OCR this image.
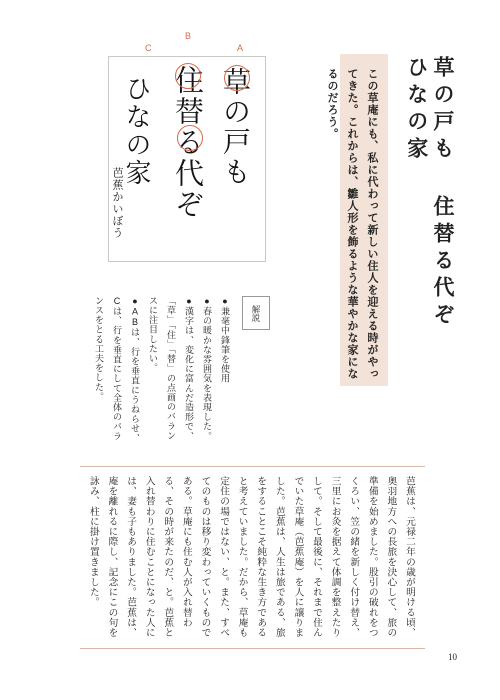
A
B
C
草の戸も
住替る代ぞ
ひなの家
芭蕉かいぼう	草の戸も 住替る代ぞ ひなの家
この草庵にも、私に代わって新しい住人を迎える時がやってきた。これからは、雛人形を飾るような華やかな家になるのだろう。
解説
●兼毫中鋒筆を使用
●春の暖かな雰囲気を表現した。
●漢字は、変化に富んだ造形で、「草」「住」「替」の点画のバランスに注目したい。
●ABは、行を垂直にうねらせ、Cは、行を垂直にして全体のバランスをとる工夫をした。
芭蕉は、元禄二年の歳が明ける頃、奥羽地方への長旅を決心して、旅の準備を始めました。股引の破れをつくろい、笠の緒を新しく付け替え、三里にお灸を据えて体調を整えたりして。そして最後に、それまで住んでいた草庵（芭蕉庵）を人に譲りました。芭蕉は、人生は旅である、旅をすることこそ純粋な生き方であると考えていました。だから、草庵も定住の場ではない、と。また、すべてのものは移り変わっていくものである。草庵にも住む人が入れ替わる、その時が来たのだ、と。芭蕉と入れ替わりに住むことになった人には、妻も子もありました。芭蕉は、庵を離れるに際し、記念にこの句を詠み、柱に掛け置きました。
10
